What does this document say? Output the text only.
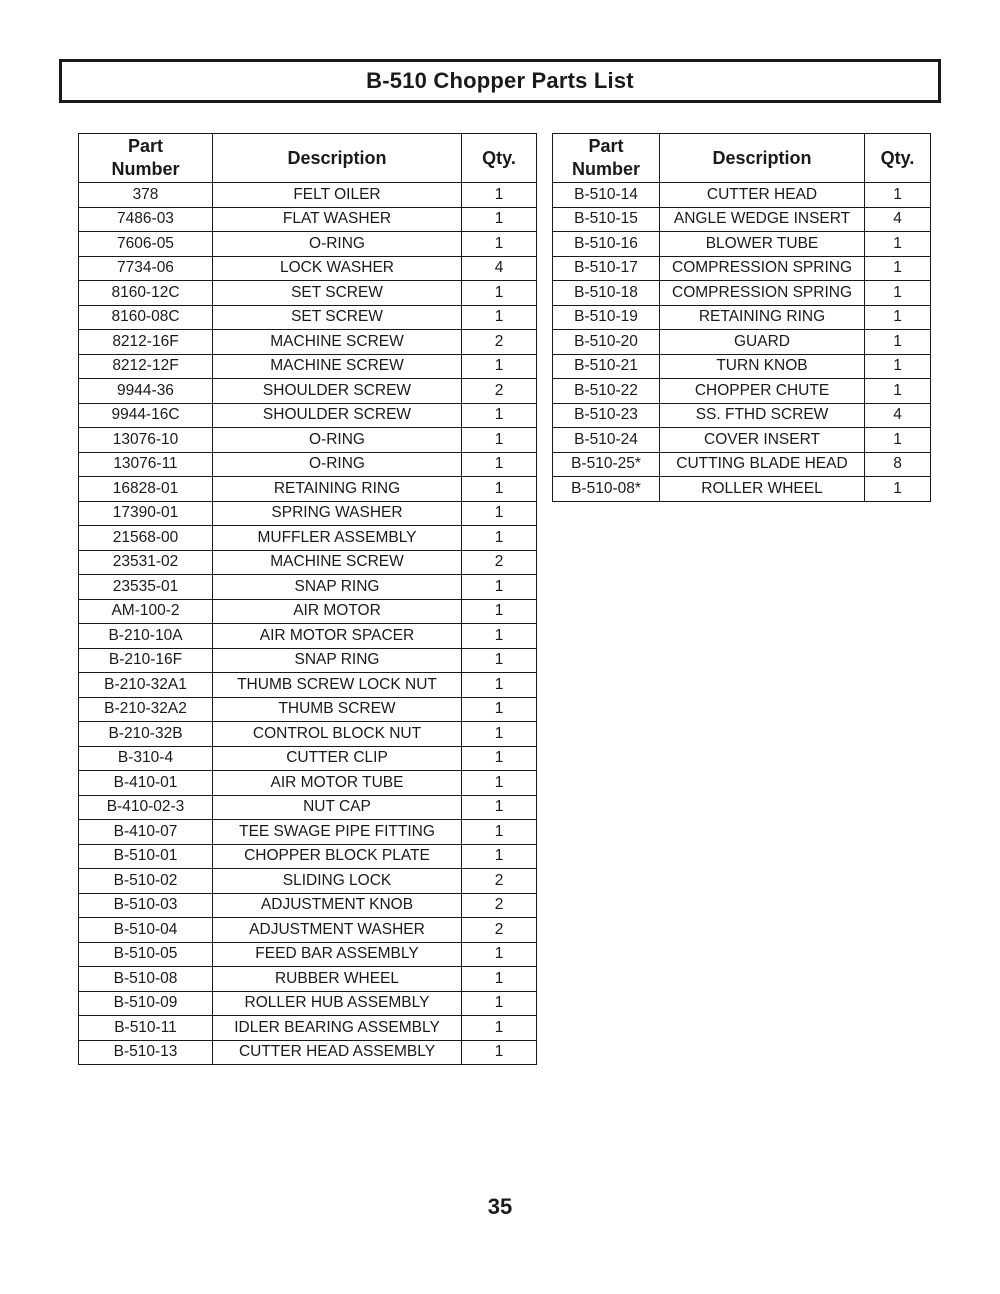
B-510 Chopper Parts List
Part
Number	Description	Qty.
378	FELT OILER	1
7486-03	FLAT WASHER	1
7606-05	O-RING	1
7734-06	LOCK WASHER	4
8160-12C	SET SCREW	1
8160-08C	SET SCREW	1
8212-16F	MACHINE SCREW	2
8212-12F	MACHINE SCREW	1
9944-36	SHOULDER SCREW	2
9944-16C	SHOULDER SCREW	1
13076-10	O-RING	1
13076-11	O-RING	1
16828-01	RETAINING RING	1
17390-01	SPRING WASHER	1
21568-00	MUFFLER ASSEMBLY	1
23531-02	MACHINE SCREW	2
23535-01	SNAP RING	1
AM-100-2	AIR MOTOR	1
B-210-10A	AIR MOTOR SPACER	1
B-210-16F	SNAP RING	1
B-210-32A1	THUMB SCREW LOCK NUT	1
B-210-32A2	THUMB SCREW	1
B-210-32B	CONTROL BLOCK NUT	1
B-310-4	CUTTER CLIP	1
B-410-01	AIR MOTOR TUBE	1
B-410-02-3	NUT CAP	1
B-410-07	TEE SWAGE PIPE FITTING	1
B-510-01	CHOPPER BLOCK PLATE	1
B-510-02	SLIDING LOCK	2
B-510-03	ADJUSTMENT KNOB	2
B-510-04	ADJUSTMENT WASHER	2
B-510-05	FEED BAR ASSEMBLY	1
B-510-08	RUBBER WHEEL	1
B-510-09	ROLLER HUB ASSEMBLY	1
B-510-11	IDLER BEARING ASSEMBLY	1
B-510-13	CUTTER HEAD ASSEMBLY	1
Part
Number	Description	Qty.
B-510-14	CUTTER HEAD	1
B-510-15	ANGLE WEDGE INSERT	4
B-510-16	BLOWER TUBE	1
B-510-17	COMPRESSION SPRING	1
B-510-18	COMPRESSION SPRING	1
B-510-19	RETAINING RING	1
B-510-20	GUARD	1
B-510-21	TURN KNOB	1
B-510-22	CHOPPER CHUTE	1
B-510-23	SS. FTHD SCREW	4
B-510-24	COVER INSERT	1
B-510-25*	CUTTING BLADE HEAD	8
B-510-08*	ROLLER WHEEL	1
35
